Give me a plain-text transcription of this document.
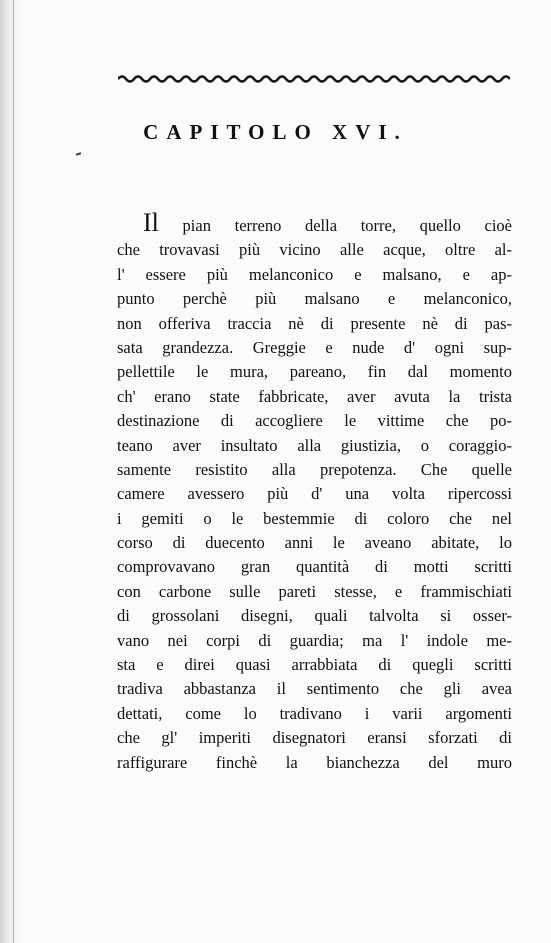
CAPITOLO XVI.
Il pian terreno della torre, quello cioè
che trovavasi più vicino alle acque, oltre al-
l' essere più melanconico e malsano, e ap-
punto perchè più malsano e melanconico,
non offeriva traccia nè di presente nè di pas-
sata grandezza. Greggie e nude d' ogni sup-
pellettile le mura, pareano, fin dal momento
ch' erano state fabbricate, aver avuta la trista
destinazione di accogliere le vittime che po-
teano aver insultato alla giustizia, o coraggio-
samente resistito alla prepotenza. Che quelle
camere avessero più d' una volta ripercossi
i gemiti o le bestemmie di coloro che nel
corso di duecento anni le aveano abitate, lo
comprovavano gran quantità di motti scritti
con carbone sulle pareti stesse, e frammischiati
di grossolani disegni, quali talvolta si osser-
vano nei corpi di guardia; ma l' indole me-
sta e direi quasi arrabbiata di quegli scritti
tradiva abbastanza il sentimento che gli avea
dettati, come lo tradivano i varii argomenti
che gl' imperiti disegnatori eransi sforzati di
raffigurare finchè la bianchezza del muro
